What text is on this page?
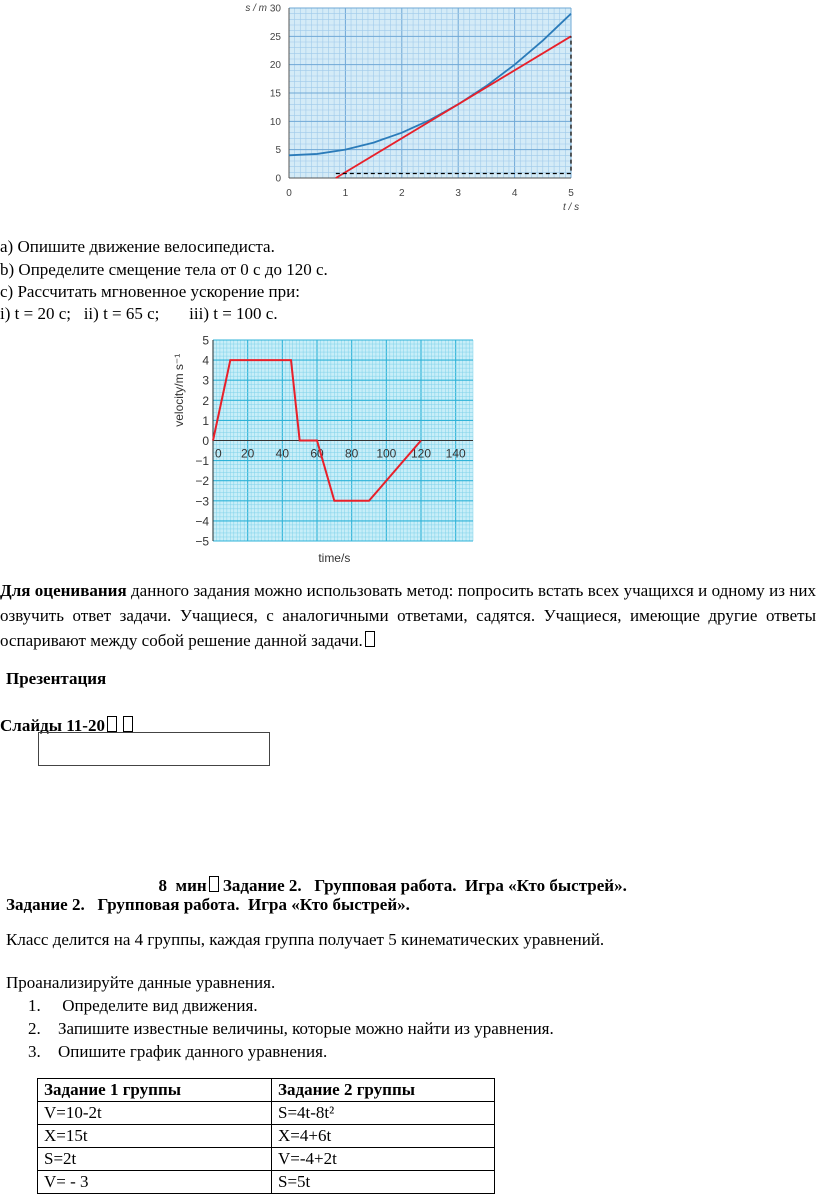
0	1	2	3	4	5
0
5
10
15
20
25
30
s / m
t / s
0 20 40 60 80 100 120 140
5
4
3
2
1
0
−1
−2
−3
−4
−5
velocity/m s⁻¹
time/s
a) Опишите движение велосипедиста.
b) Определите смещение тела от 0 с до 120 с.
c) Рассчитать мгновенное ускорение при:
i) t = 20 с;   ii) t = 65 с;       iii) t = 100 с.
Для оценивания данного задания можно использовать метод: попросить встать всех учащихся и одному из них озвучить ответ задачи. Учащиеся, с аналогичными ответами, садятся. Учащиеся, имеющие другие ответы оспаривают между собой решение данной задачи.
Презентация
Слайды 11-20

8  мин Задание 2.   Групповая работа.  Игра «Кто быстрей».

Задание 2.   Групповая работа.  Игра «Кто быстрей».
Класс делится на 4 группы, каждая группа получает 5 кинематических уравнений.
Проанализируйте данные уравнения.
1. Определите вид движения.
2. Запишите известные величины, которые можно найти из уравнения.
3. Опишите график данного уравнения.
Задание 1 группы	Задание 2 группы
V=10-2t	S=4t-8t²
X=15t	X=4+6t
S=2t	V=-4+2t
V= - 3	S=5t
